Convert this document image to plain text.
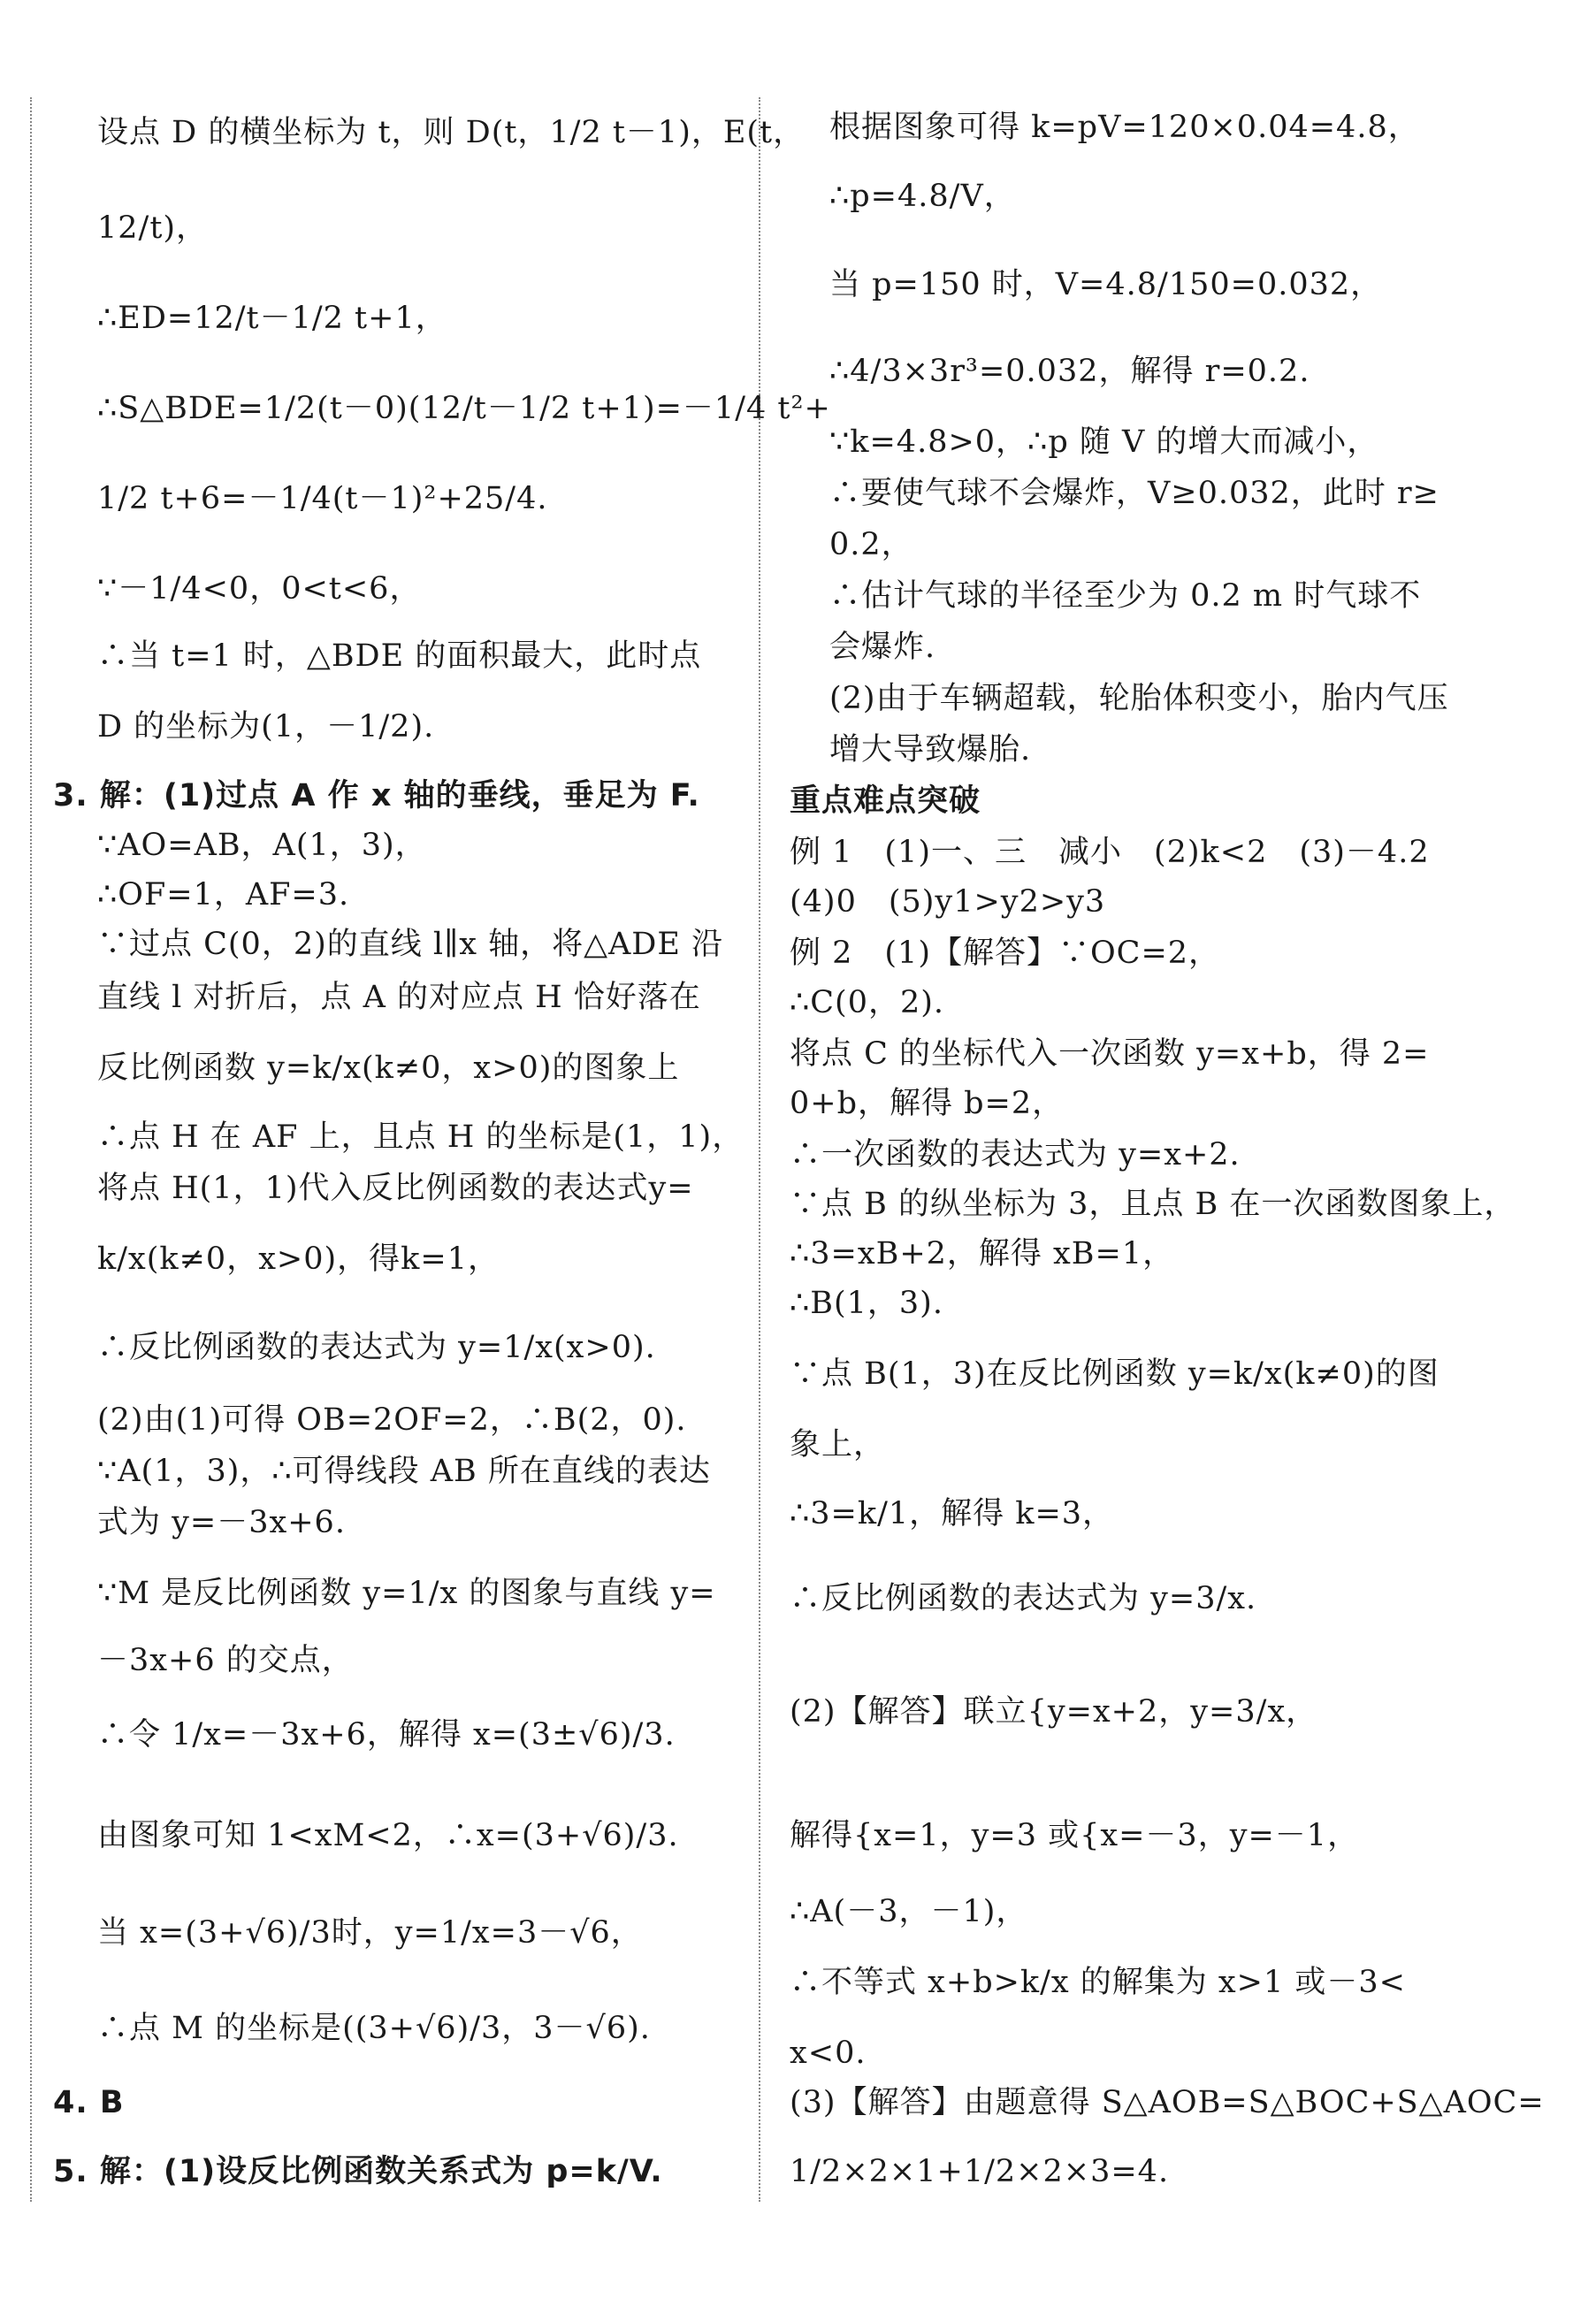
设点 D 的横坐标为 t，则 D(t，1/2 t－1)，E(t，
12/t)，
∴ED=12/t－1/2 t+1，
∴S△BDE=1/2(t－0)(12/t－1/2 t+1)=－1/4 t²+
1/2 t+6=－1/4(t－1)²+25/4.
∵－1/4<0，0<t<6，
∴当 t=1 时，△BDE 的面积最大，此时点
D 的坐标为(1，－1/2).
3. 解：(1)过点 A 作 x 轴的垂线，垂足为 F.
∵AO=AB，A(1，3)，
∴OF=1，AF=3.
∵过点 C(0，2)的直线 l∥x 轴，将△ADE 沿
直线 l 对折后，点 A 的对应点 H 恰好落在
反比例函数 y=k/x(k≠0，x>0)的图象上
∴点 H 在 AF 上，且点 H 的坐标是(1，1)，
将点 H(1，1)代入反比例函数的表达式y=
k/x(k≠0，x>0)，得k=1，
∴反比例函数的表达式为 y=1/x(x>0).
(2)由(1)可得 OB=2OF=2，∴B(2，0).
∵A(1，3)，∴可得线段 AB 所在直线的表达
式为 y=－3x+6.
∵M 是反比例函数 y=1/x 的图象与直线 y=
－3x+6 的交点，
∴令 1/x=－3x+6，解得 x=(3±√6)/3.
由图象可知 1<xM<2，∴x=(3+√6)/3.
当 x=(3+√6)/3时，y=1/x=3－√6，
∴点 M 的坐标是((3+√6)/3，3－√6).
4. B
5. 解：(1)设反比例函数关系式为 p=k/V.
根据图象可得 k=pV=120×0.04=4.8，
∴p=4.8/V，
当 p=150 时，V=4.8/150=0.032，
∴4/3×3r³=0.032，解得 r=0.2.
∵k=4.8>0，∴p 随 V 的增大而减小，
∴要使气球不会爆炸，V≥0.032，此时 r≥
0.2，
∴估计气球的半径至少为 0.2 m 时气球不
会爆炸.
(2)由于车辆超载，轮胎体积变小，胎内气压
增大导致爆胎.
重点难点突破
例 1　(1)一、三　减小　(2)k<2　(3)－4.2
(4)0　(5)y1>y2>y3
例 2　(1)【解答】∵OC=2，
∴C(0，2).
将点 C 的坐标代入一次函数 y=x+b，得 2=
0+b，解得 b=2，
∴一次函数的表达式为 y=x+2.
∵点 B 的纵坐标为 3，且点 B 在一次函数图象上，
∴3=xB+2，解得 xB=1，
∴B(1，3).
∵点 B(1，3)在反比例函数 y=k/x(k≠0)的图
象上，
∴3=k/1，解得 k=3，
∴反比例函数的表达式为 y=3/x.
(2)【解答】联立{y=x+2，y=3/x，
解得{x=1，y=3 或{x=－3，y=－1，
∴A(－3，－1)，
∴不等式 x+b>k/x 的解集为 x>1 或－3<
x<0.
(3)【解答】由题意得 S△AOB=S△BOC+S△AOC=
1/2×2×1+1/2×2×3=4.
